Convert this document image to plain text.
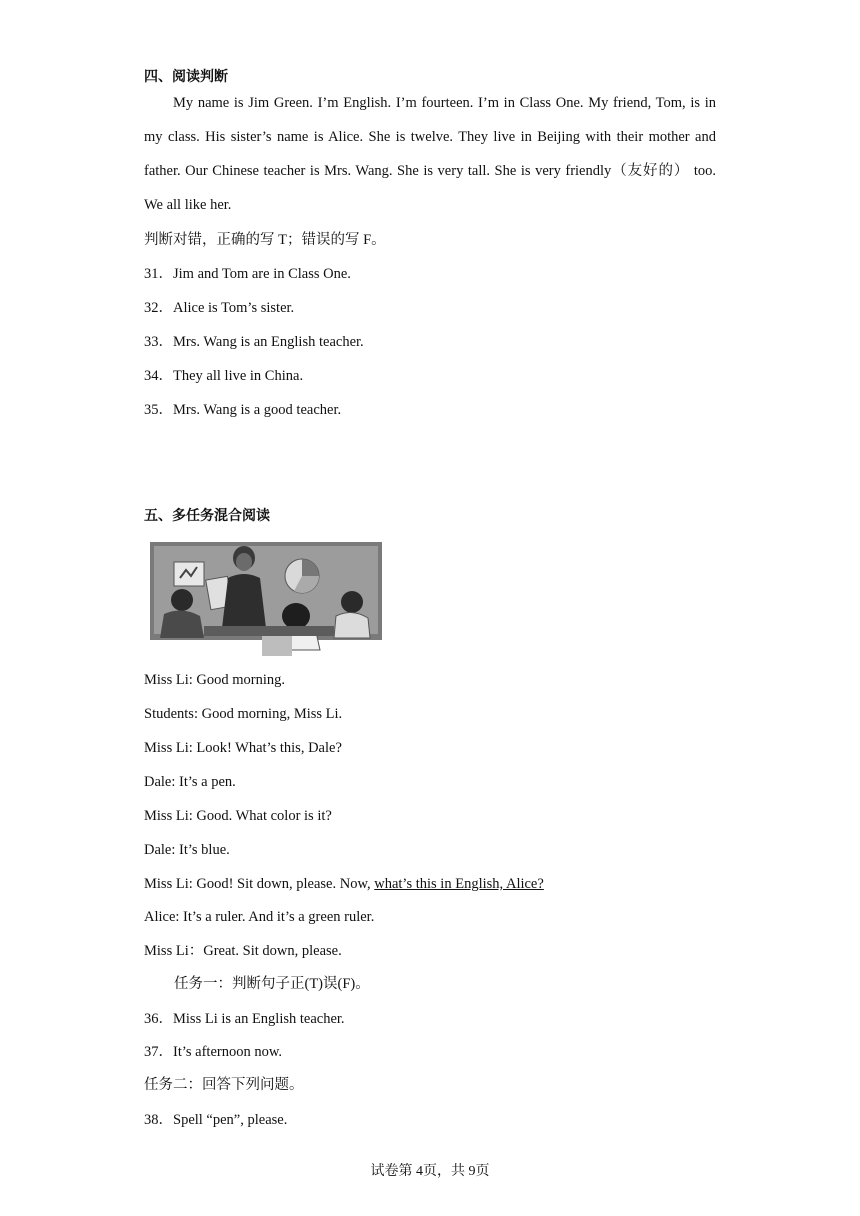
四、阅读判断
My name is Jim Green. I’m English. I’m fourteen. I’m in Class One. My friend, Tom, is in my class. His sister’s name is Alice. She is twelve. They live in Beijing with their mother and father. Our Chinese teacher is Mrs. Wang. She is very tall. She is very friendly（友好的） too. We all like her.
判断对错，正确的写 T；错误的写 F。
31．Jim and Tom are in Class One.
32．Alice is Tom’s sister.
33．Mrs. Wang is an English teacher.
34．They all live in China.
35．Mrs. Wang is a good teacher.
五、多任务混合阅读
Miss Li: Good morning.
Students: Good morning, Miss Li.
Miss Li: Look! What’s this, Dale?
Dale: It’s a pen.
Miss Li: Good. What color is it?
Dale: It’s blue.
Miss Li: Good! Sit down, please. Now, what’s this in English, Alice?
Alice: It’s a ruler. And it’s a green ruler.
Miss Li：Great. Sit down, please.
任务一：判断句子正(T)误(F)。
36．Miss Li is an English teacher.
37．It’s afternoon now.
任务二：回答下列问题。
38．Spell “pen”, please.
试卷第 4页，共 9页
